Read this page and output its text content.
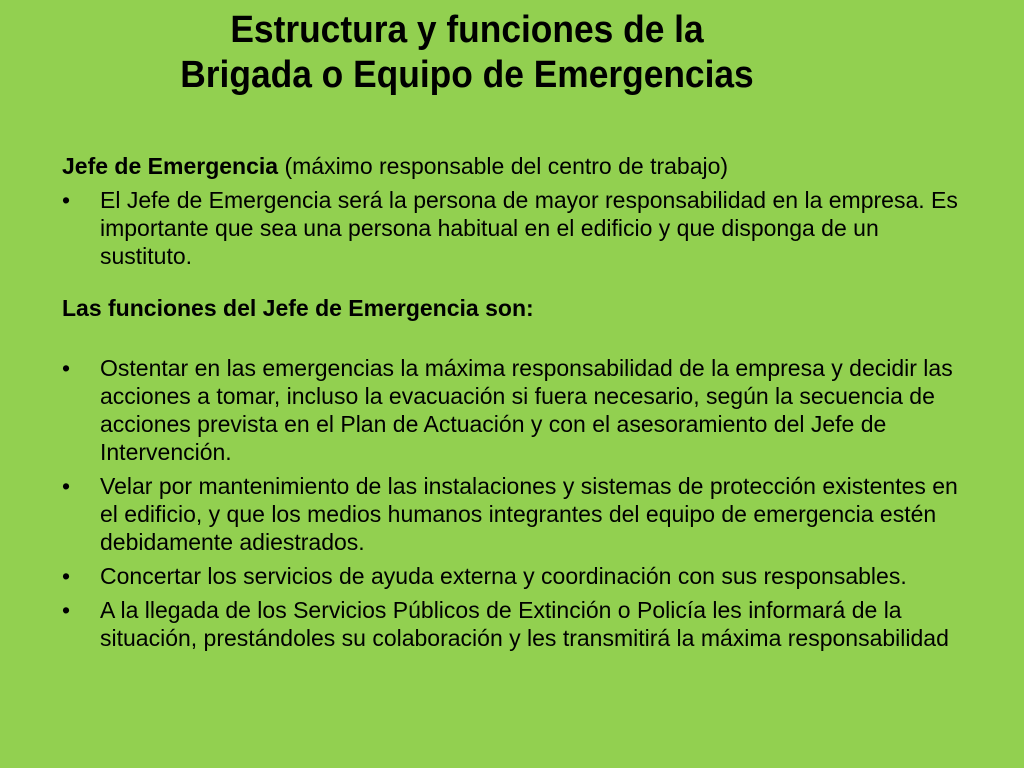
Estructura y funciones de la
Brigada o Equipo de Emergencias

Jefe de Emergencia (máximo responsable del centro de trabajo)

• El Jefe de Emergencia será la persona de mayor responsabilidad en la empresa. Es importante que sea una persona habitual en el edificio y que disponga de un sustituto.

Las funciones del Jefe de Emergencia son:

• Ostentar en las emergencias la máxima responsabilidad de la empresa y decidir las acciones a tomar, incluso la evacuación si fuera necesario, según la secuencia de acciones prevista en el Plan de Actuación y con el asesoramiento del Jefe de Intervención.
• Velar por mantenimiento de las instalaciones y sistemas de protección existentes en el edificio, y que los medios humanos integrantes del equipo de emergencia estén debidamente adiestrados.
• Concertar los servicios de ayuda externa y coordinación con sus responsables.
• A la llegada de los Servicios Públicos de Extinción o Policía les informará de la situación, prestándoles su colaboración y les transmitirá la máxima responsabilidad
